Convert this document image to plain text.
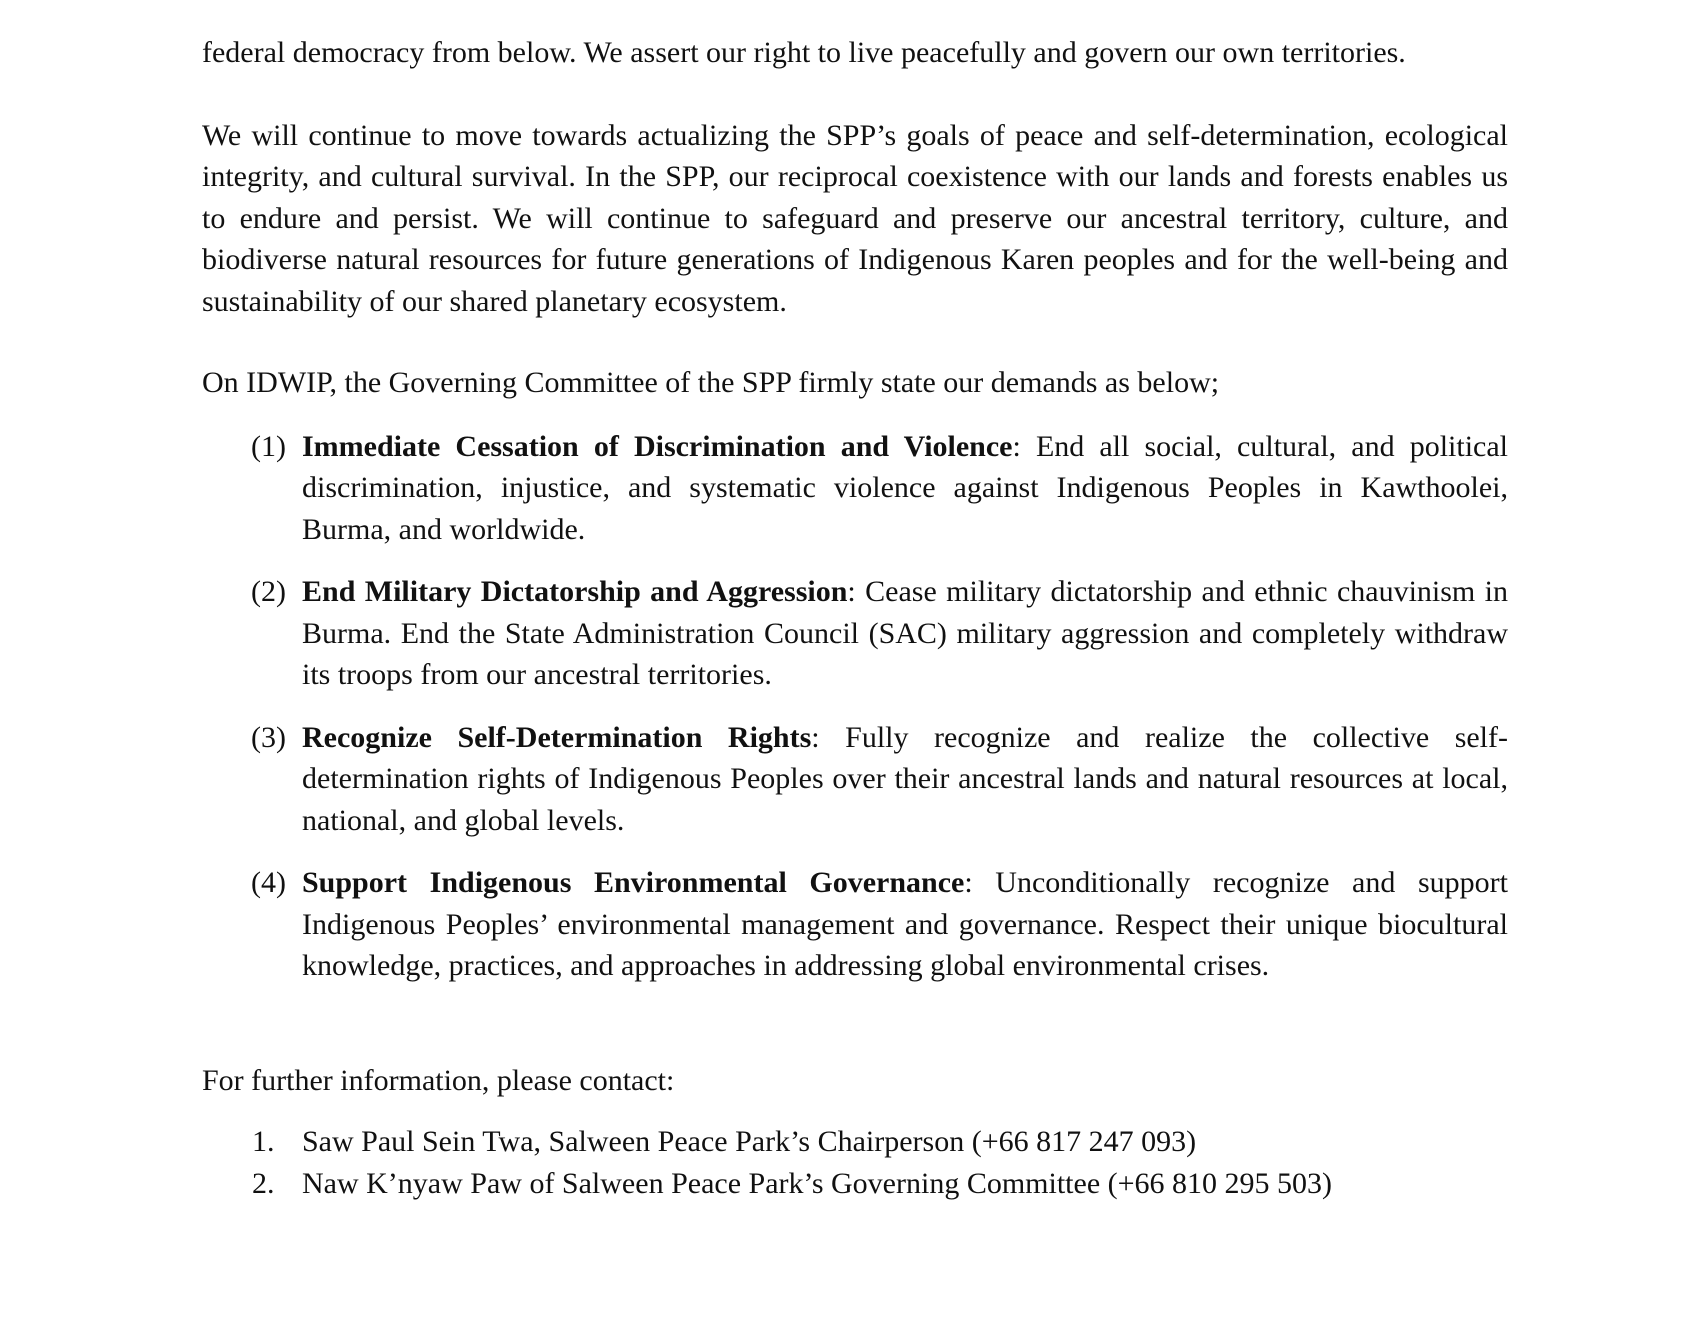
federal democracy from below. We assert our right to live peacefully and govern our own territories.

We will continue to move towards actualizing the SPP’s goals of peace and self-determination, ecological integrity, and cultural survival. In the SPP, our reciprocal coexistence with our lands and forests enables us to endure and persist. We will continue to safeguard and preserve our ancestral territory, culture, and biodiverse natural resources for future generations of Indigenous Karen peoples and for the well-being and sustainability of our shared planetary ecosystem.

On IDWIP, the Governing Committee of the SPP firmly state our demands as below;

(1) Immediate Cessation of Discrimination and Violence: End all social, cultural, and political discrimination, injustice, and systematic violence against Indigenous Peoples in Kawthoolei, Burma, and worldwide.
(2) End Military Dictatorship and Aggression: Cease military dictatorship and ethnic chauvinism in Burma. End the State Administration Council (SAC) military aggression and completely withdraw its troops from our ancestral territories.
(3) Recognize Self-Determination Rights: Fully recognize and realize the collective self-determination rights of Indigenous Peoples over their ancestral lands and natural resources at local, national, and global levels.
(4) Support Indigenous Environmental Governance: Unconditionally recognize and support Indigenous Peoples’ environmental management and governance. Respect their unique biocultural knowledge, practices, and approaches in addressing global environmental crises.

For further information, please contact:

1. Saw Paul Sein Twa, Salween Peace Park’s Chairperson (+66 817 247 093)
2. Naw K’nyaw Paw of Salween Peace Park’s Governing Committee (+66 810 295 503)
